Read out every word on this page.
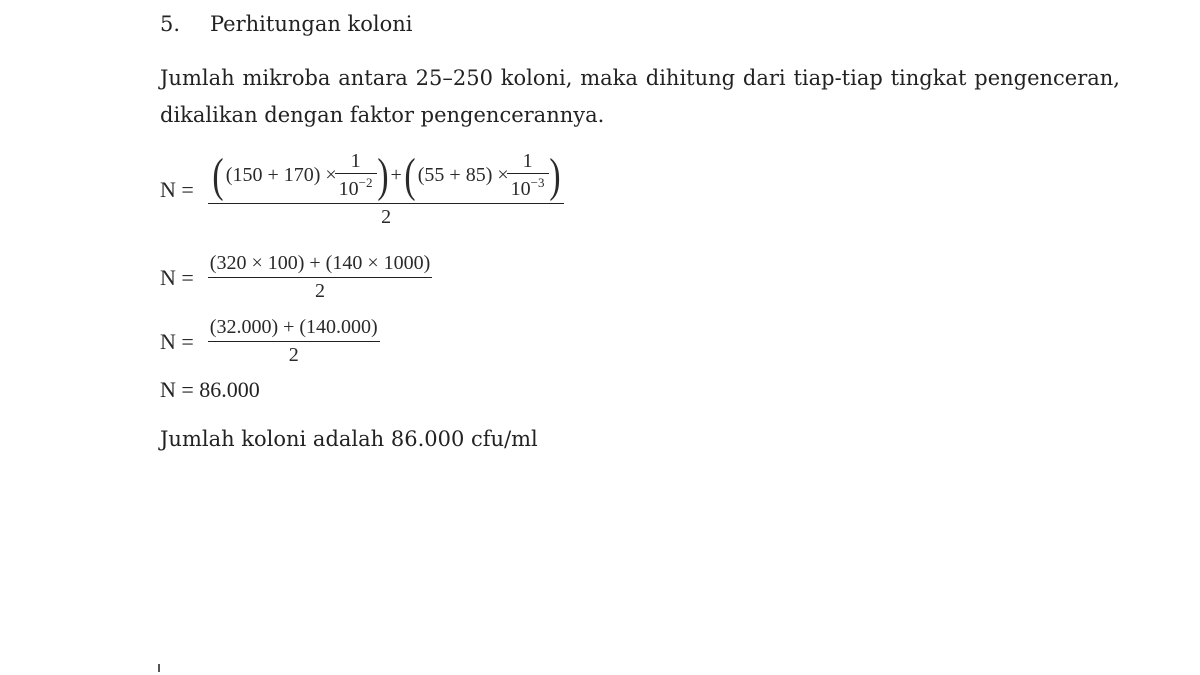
5. Perhitungan koloni
Jumlah mikroba antara 25–250 koloni, maka dihitung dari tiap-tiap tingkat pengenceran, dikalikan dengan faktor pengencerannya.
N = ( $(150 + 170) \times \frac{1}{10^{-2}}$ ) + ( $(55 + 85) \times \frac{1}{10^{-3}}$ )
2
$N = \frac{(320 \times 100) + (140 \times 1000)}{2}$
$N = \frac{(32.000) + (140.000)}{2}$
N = 86.000
Jumlah koloni adalah 86.000 cfu/ml
